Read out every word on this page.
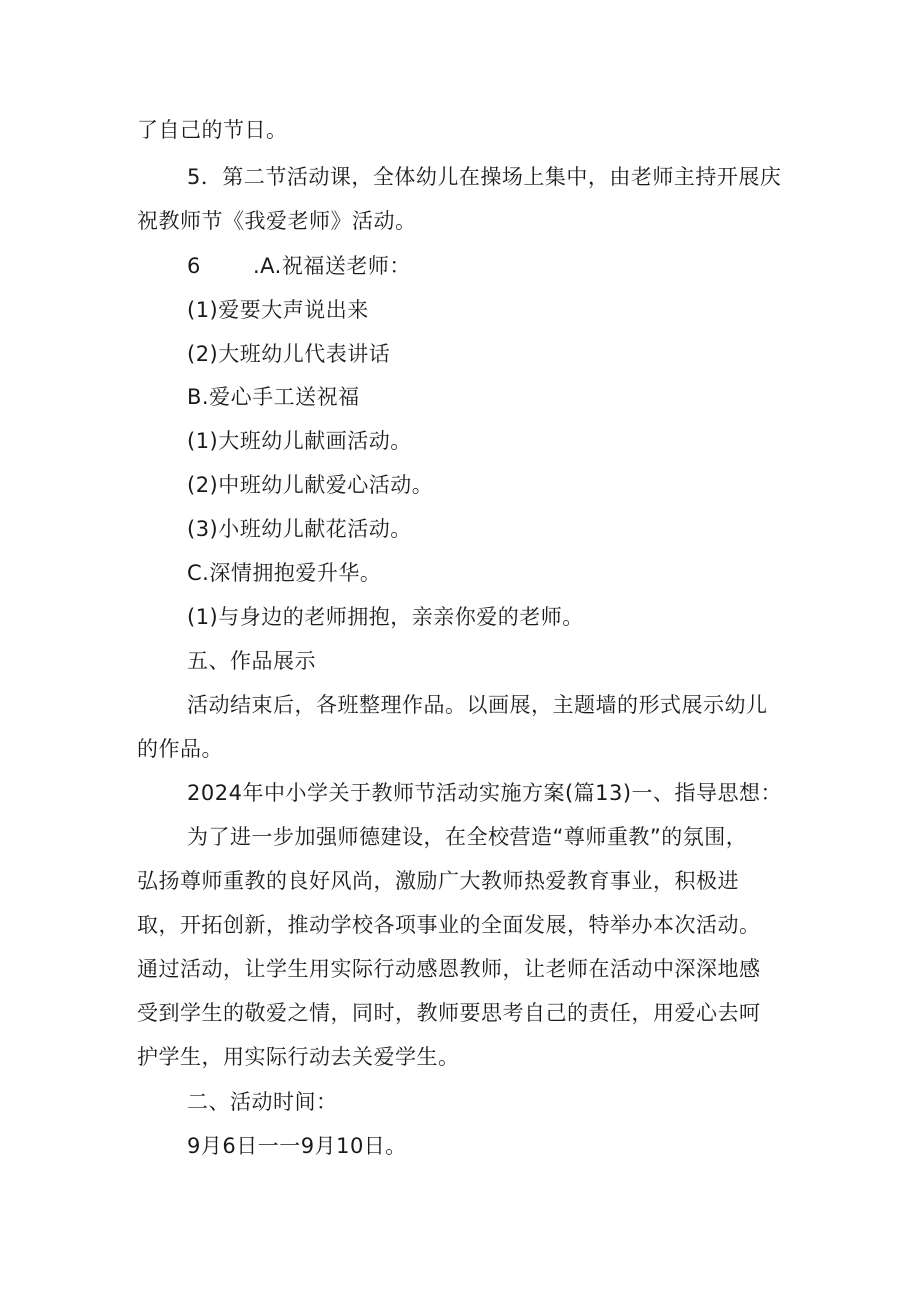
了自己的节日。
5．第二节活动课，全体幼儿在操场上集中，由老师主持开展庆
祝教师节《我爱老师》活动。
6 .A.祝福送老师：
(1)爱要大声说出来
(2)大班幼儿代表讲话
B.爱心手工送祝福
(1)大班幼儿献画活动。
(2)中班幼儿献爱心活动。
(3)小班幼儿献花活动。
C.深情拥抱爱升华。
(1)与身边的老师拥抱，亲亲你爱的老师。
五、作品展示
活动结束后，各班整理作品。以画展，主题墙的形式展示幼儿
的作品。
2024年中小学关于教师节活动实施方案(篇13)一、指导思想：
为了进一步加强师德建设，在全校营造“尊师重教”的氛围，
弘扬尊师重教的良好风尚，激励广大教师热爱教育事业，积极进
取，开拓创新，推动学校各项事业的全面发展，特举办本次活动。
通过活动，让学生用实际行动感恩教师，让老师在活动中深深地感
受到学生的敬爱之情，同时，教师要思考自己的责任，用爱心去呵
护学生，用实际行动去关爱学生。
二、活动时间：
9月6日一一9月10日。
